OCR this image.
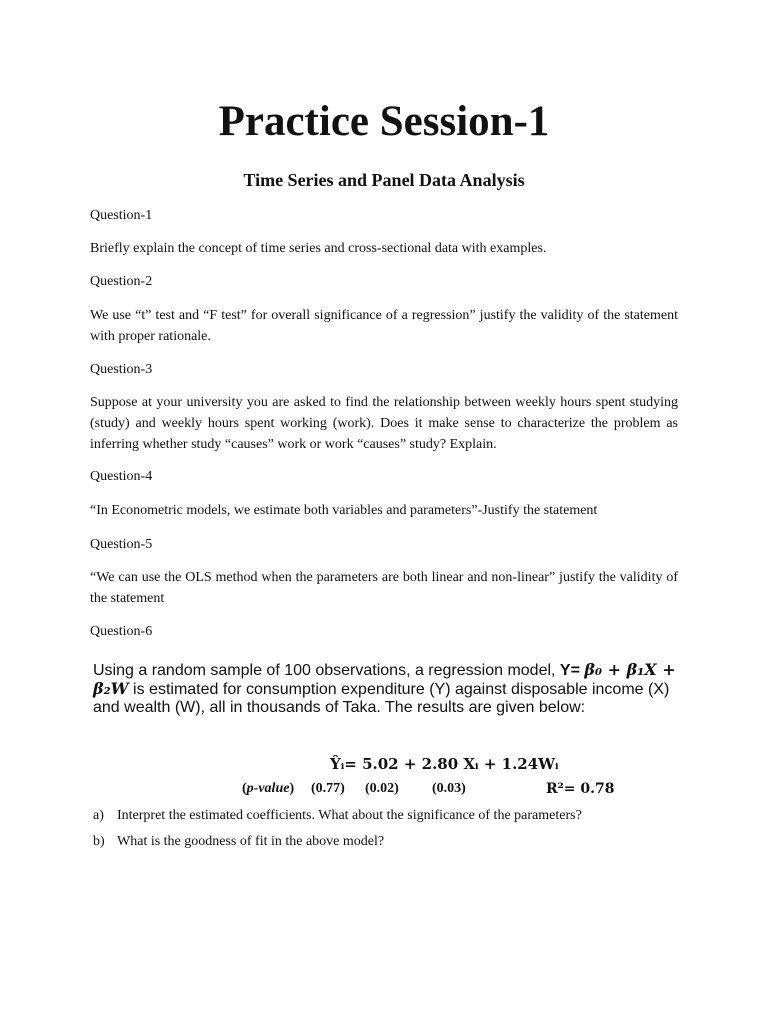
Practice Session-1
Time Series and Panel Data Analysis

Question-1

Briefly explain the concept of time series and cross-sectional data with examples.

Question-2

We use “t” test and “F test” for overall significance of a regression” justify the validity of the statement with proper rationale.

Question-3

Suppose at your university you are asked to find the relationship between weekly hours spent studying (study) and weekly hours spent working (work). Does it make sense to characterize the problem as inferring whether study “causes” work or work “causes” study? Explain.

Question-4

“In Econometric models, we estimate both variables and parameters”-Justify the statement

Question-5

“We can use the OLS method when the parameters are both linear and non-linear” justify the validity of the statement

Question-6

Using a random sample of 100 observations, a regression model, Y= β₀ + β₁X + β₂W is estimated for consumption expenditure (Y) against disposable income (X) and wealth (W), all in thousands of Taka. The results are given below:
Ŷᵢ= 5.02 + 2.80 Xᵢ + 1.24Wᵢ
(p-value) (0.77) (0.02) (0.03)	R²= 0.78
a) Interpret the estimated coefficients. What about the significance of the parameters?
b) What is the goodness of fit in the above model?
